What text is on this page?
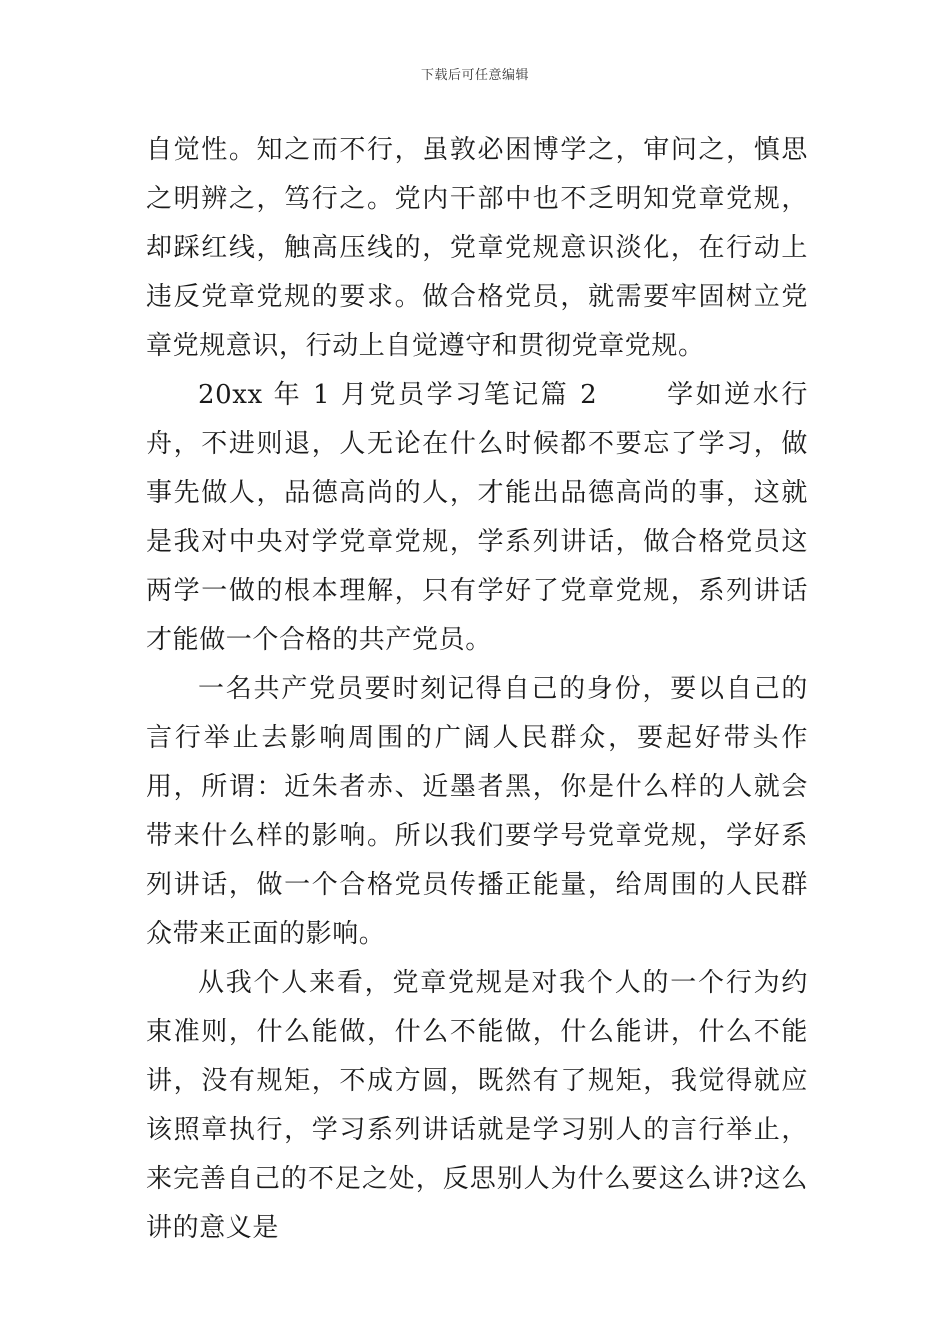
下载后可任意编辑

自觉性。知之而不行，虽敦必困博学之，审问之，慎思之明辨之，笃行之。党内干部中也不乏明知党章党规，却踩红线，触高压线的，党章党规意识淡化，在行动上违反党章党规的要求。做合格党员，就需要牢固树立党章党规意识，行动上自觉遵守和贯彻党章党规。

20xx 年 1 月党员学习笔记篇 2　　 学如逆水行舟，不进则退，人无论在什么时候都不要忘了学习，做事先做人，品德高尚的人，才能出品德高尚的事，这就是我对中央对学党章党规，学系列讲话，做合格党员这两学一做的根本理解，只有学好了党章党规，系列讲话才能做一个合格的共产党员。

一名共产党员要时刻记得自己的身份，要以自己的言行举止去影响周围的广阔人民群众，要起好带头作用，所谓：近朱者赤、近墨者黑，你是什么样的人就会带来什么样的影响。所以我们要学号党章党规，学好系列讲话，做一个合格党员传播正能量，给周围的人民群众带来正面的影响。

从我个人来看，党章党规是对我个人的一个行为约束准则，什么能做，什么不能做，什么能讲，什么不能讲，没有规矩，不成方圆，既然有了规矩，我觉得就应该照章执行，学习系列讲话就是学习别人的言行举止，来完善自己的不足之处，反思别人为什么要这么讲?这么讲的意义是
